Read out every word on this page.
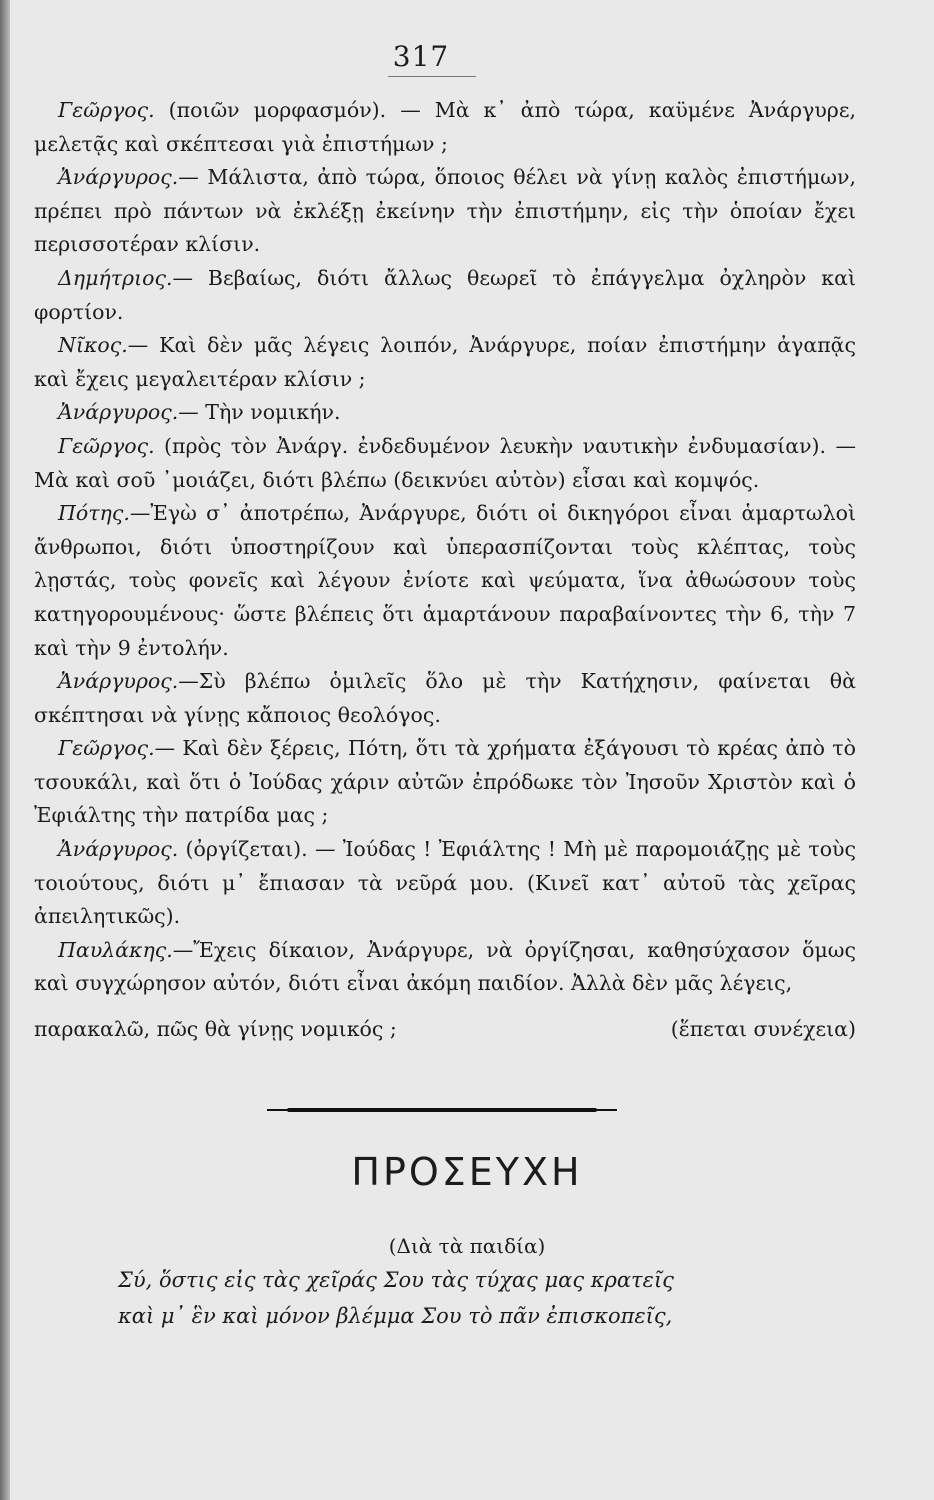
317

Γεῶργος. (ποιῶν μορφασμόν). — Μὰ κ᾽ ἀπὸ τώρα, καϋμένε Ἀνάργυρε, μελετᾷς καὶ σκέπτεσαι γιὰ ἐπιστήμων ;

Ἀνάργυρος.— Μάλιστα, ἀπὸ τώρα, ὅποιος θέλει νὰ γίνῃ καλὸς ἐπιστήμων, πρέπει πρὸ πάντων νὰ ἐκλέξῃ ἐκείνην τὴν ἐπιστήμην, εἰς τὴν ὁποίαν ἔχει περισσοτέραν κλίσιν.

Δημήτριος.— Βεβαίως, διότι ἄλλως θεωρεῖ τὸ ἐπάγγελμα ὀχληρὸν καὶ φορτίον.

Νῖκος.— Καὶ δὲν μᾶς λέγεις λοιπόν, Ἀνάργυρε, ποίαν ἐπιστήμην ἀγαπᾷς καὶ ἔχεις μεγαλειτέραν κλίσιν ;

Ἀνάργυρος.— Τὴν νομικήν.

Γεῶργος. (πρὸς τὸν Ἀνάργ. ἐνδεδυμένον λευκὴν ναυτικὴν ἐνδυμασίαν). —Μὰ καὶ σοῦ ᾽μοιάζει, διότι βλέπω (δεικνύει αὐτὸν) εἶσαι καὶ κομψός.

Πότης.—Ἐγὼ σ᾽ ἀποτρέπω, Ἀνάργυρε, διότι οἱ δικηγόροι εἶναι ἁμαρτωλοὶ ἄνθρωποι, διότι ὑποστηρίζουν καὶ ὑπερασπίζονται τοὺς κλέπτας, τοὺς λῃστάς, τοὺς φονεῖς καὶ λέγουν ἐνίοτε καὶ ψεύματα, ἵνα ἀθωώσουν τοὺς κατηγορουμένους· ὥστε βλέπεις ὅτι ἁμαρτάνουν παραβαίνοντες τὴν 6, τὴν 7 καὶ τὴν 9 ἐντολήν.

Ἀνάργυρος.—Σὺ βλέπω ὁμιλεῖς ὅλο μὲ τὴν Κατήχησιν, φαίνεται θὰ σκέπτησαι νὰ γίνῃς κἄποιος θεολόγος.

Γεῶργος.— Καὶ δὲν ξέρεις, Πότη, ὅτι τὰ χρήματα ἐξάγουσι τὸ κρέας ἀπὸ τὸ τσουκάλι, καὶ ὅτι ὁ Ἰούδας χάριν αὐτῶν ἐπρόδωκε τὸν Ἰησοῦν Χριστὸν καὶ ὁ Ἐφιάλτης τὴν πατρίδα μας ;

Ἀνάργυρος. (ὀργίζεται). — Ἰούδας ! Ἐφιάλτης ! Μὴ μὲ παρομοιάζῃς μὲ τοὺς τοιούτους, διότι μ᾽ ἔπιασαν τὰ νεῦρά μου. (Κινεῖ κατ᾽ αὐτοῦ τὰς χεῖρας ἀπειλητικῶς).

Παυλάκης.—Ἔχεις δίκαιον, Ἀνάργυρε, νὰ ὀργίζησαι, καθησύχασον ὅμως καὶ συγχώρησον αὐτόν, διότι εἶναι ἀκόμη παιδίον. Ἀλλὰ δὲν μᾶς λέγεις,

παρακαλῶ, πῶς θὰ γίνῃς νομικός ;	(ἕπεται συνέχεια)
ΠΡΟΣΕΥΧΗ
(Διὰ τὰ παιδία)
Σύ, ὅστις εἰς τὰς χεῖράς Σου τὰς τύχας μας κρατεῖς
καὶ μ᾽ ἓν καὶ μόνον βλέμμα Σου τὸ πᾶν ἐπισκοπεῖς,
